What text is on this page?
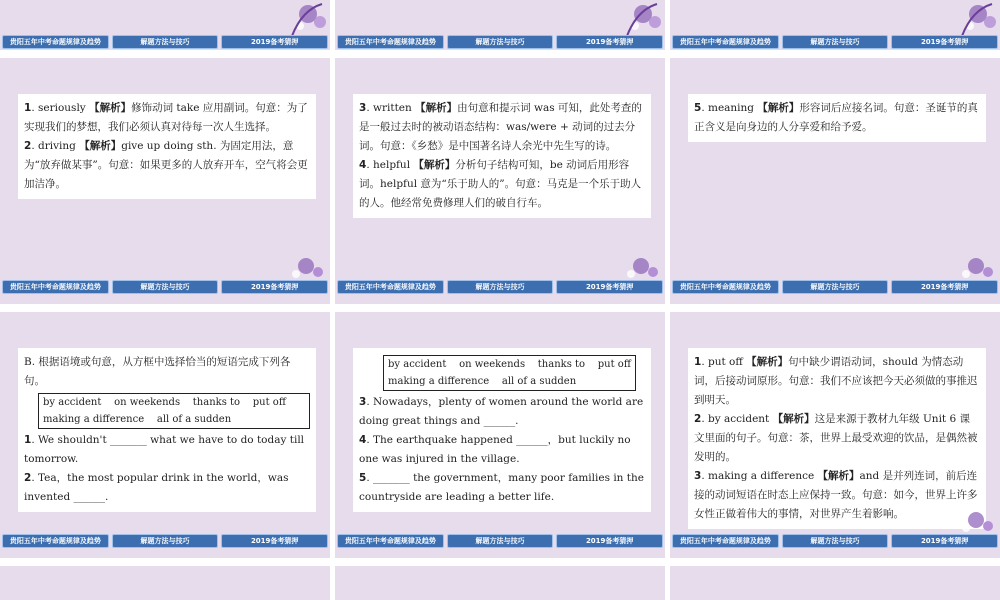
贵阳五年中考命题规律及趋势	解题方法与技巧	2019备考猜押	贵阳五年中考命题规律及趋势	解题方法与技巧	2019备考猜押	贵阳五年中考命题规律及趋势	解题方法与技巧	2019备考猜押

1. seriously 【解析】修饰动词 take 应用副词。句意：为了实现我们的梦想，我们必须认真对待每一次人生选择。

2. driving 【解析】give up doing sth. 为固定用法，意为“放弃做某事”。句意：如果更多的人放弃开车，空气将会更加洁净。

贵阳五年中考命题规律及趋势	解题方法与技巧	2019备考猜押

3. written 【解析】由句意和提示词 was 可知，此处考查的是一般过去时的被动语态结构：was/were + 动词的过去分词。句意：《乡愁》是中国著名诗人余光中先生写的诗。

4. helpful 【解析】分析句子结构可知，be 动词后用形容词。helpful 意为“乐于助人的”。句意：马克是一个乐于助人的人。他经常免费修理人们的破自行车。

贵阳五年中考命题规律及趋势	解题方法与技巧	2019备考猜押

5. meaning 【解析】形容词后应接名词。句意：圣诞节的真正含义是向身边的人分享爱和给予爱。

贵阳五年中考命题规律及趋势	解题方法与技巧	2019备考猜押

B. 根据语境或句意，从方框中选择恰当的短语完成下列各句。

by accident    on weekends    thanks to    put off
making a difference    all of a sudden

1. We shouldn't _______ what we have to do today till tomorrow.

2. Tea，the most popular drink in the world，was invented ______.

贵阳五年中考命题规律及趋势	解题方法与技巧	2019备考猜押
by accident    on weekends    thanks to    put off
making a difference    all of a sudden

3. Nowadays，plenty of women around the world are doing great things and ______.

4. The earthquake happened ______，but luckily no one was injured in the village.

5. _______ the government，many poor families in the countryside are leading a better life.

贵阳五年中考命题规律及趋势	解题方法与技巧	2019备考猜押

1. put off 【解析】句中缺少谓语动词，should 为情态动词，后接动词原形。句意：我们不应该把今天必须做的事推迟到明天。

2. by accident 【解析】这是来源于教材九年级 Unit 6 课文里面的句子。句意：茶，世界上最受欢迎的饮品，是偶然被发明的。

3. making a difference 【解析】and 是并列连词，前后连接的动词短语在时态上应保持一致。句意：如今，世界上许多女性正做着伟大的事情，对世界产生着影响。

贵阳五年中考命题规律及趋势	解题方法与技巧	2019备考猜押
